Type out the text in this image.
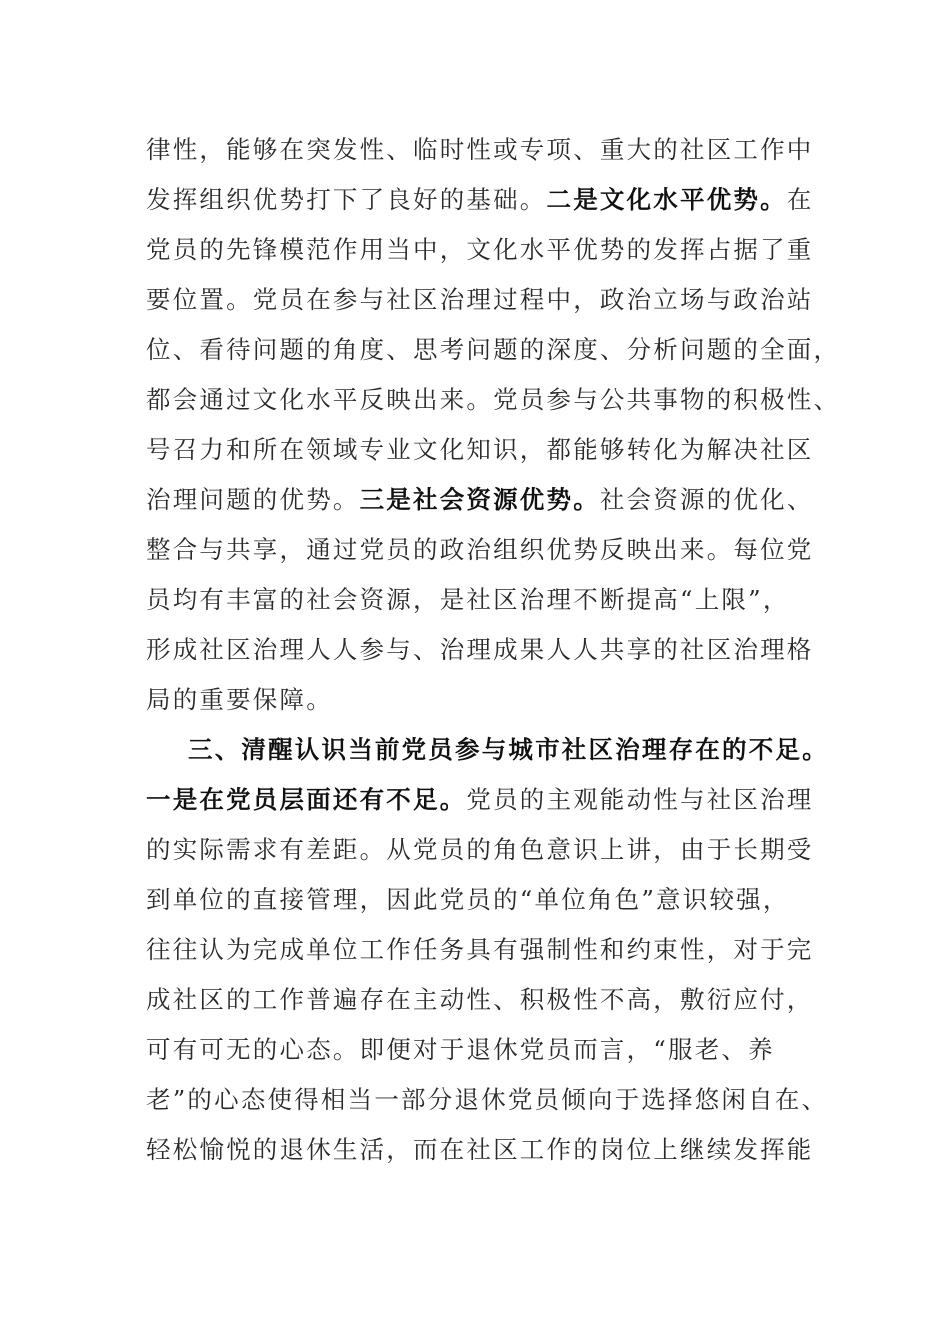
律性，能够在突发性、临时性或专项、重大的社区工作中
发挥组织优势打下了良好的基础。二是文化水平优势。在
党员的先锋模范作用当中，文化水平优势的发挥占据了重
要位置。党员在参与社区治理过程中，政治立场与政治站
位、看待问题的角度、思考问题的深度、分析问题的全面，
都会通过文化水平反映出来。党员参与公共事物的积极性、
号召力和所在领域专业文化知识，都能够转化为解决社区
治理问题的优势。三是社会资源优势。社会资源的优化、
整合与共享，通过党员的政治组织优势反映出来。每位党
员均有丰富的社会资源，是社区治理不断提高“上限”，
形成社区治理人人参与、治理成果人人共享的社区治理格
局的重要保障。
三、清醒认识当前党员参与城市社区治理存在的不足。
一是在党员层面还有不足。党员的主观能动性与社区治理
的实际需求有差距。从党员的角色意识上讲，由于长期受
到单位的直接管理，因此党员的“单位角色”意识较强，
往往认为完成单位工作任务具有强制性和约束性，对于完
成社区的工作普遍存在主动性、积极性不高，敷衍应付，
可有可无的心态。即便对于退休党员而言，“服老、养
老”的心态使得相当一部分退休党员倾向于选择悠闲自在、
轻松愉悦的退休生活，而在社区工作的岗位上继续发挥能
